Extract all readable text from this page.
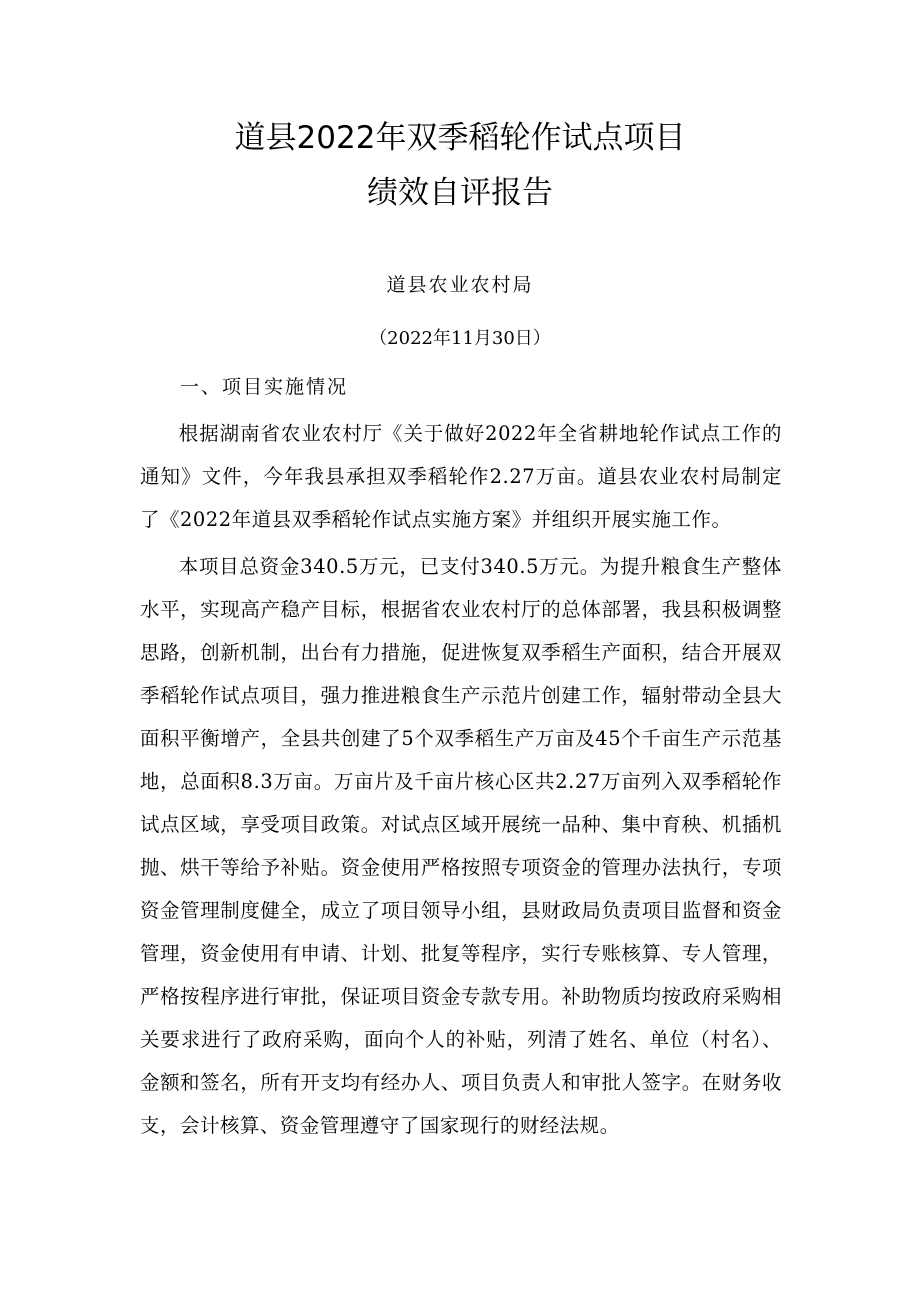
道县2022年双季稻轮作试点项目
绩效自评报告
道县农业农村局
（2022年11月30日）
一、项目实施情况

根据湖南省农业农村厅《关于做好2022年全省耕地轮作试点工作的通知》文件，今年我县承担双季稻轮作2.27万亩。道县农业农村局制定了《2022年道县双季稻轮作试点实施方案》并组织开展实施工作。

本项目总资金340.5万元，已支付340.5万元。为提升粮食生产整体水平，实现高产稳产目标，根据省农业农村厅的总体部署，我县积极调整思路，创新机制，出台有力措施，促进恢复双季稻生产面积，结合开展双季稻轮作试点项目，强力推进粮食生产示范片创建工作，辐射带动全县大面积平衡增产，全县共创建了5个双季稻生产万亩及45个千亩生产示范基地，总面积8.3万亩。万亩片及千亩片核心区共2.27万亩列入双季稻轮作试点区域，享受项目政策。对试点区域开展统一品种、集中育秧、机插机抛、烘干等给予补贴。资金使用严格按照专项资金的管理办法执行，专项资金管理制度健全，成立了项目领导小组，县财政局负责项目监督和资金管理，资金使用有申请、计划、批复等程序，实行专账核算、专人管理，严格按程序进行审批，保证项目资金专款专用。补助物质均按政府采购相关要求进行了政府采购，面向个人的补贴，列清了姓名、单位（村名）、金额和签名，所有开支均有经办人、项目负责人和审批人签字。在财务收支，会计核算、资金管理遵守了国家现行的财经法规。
